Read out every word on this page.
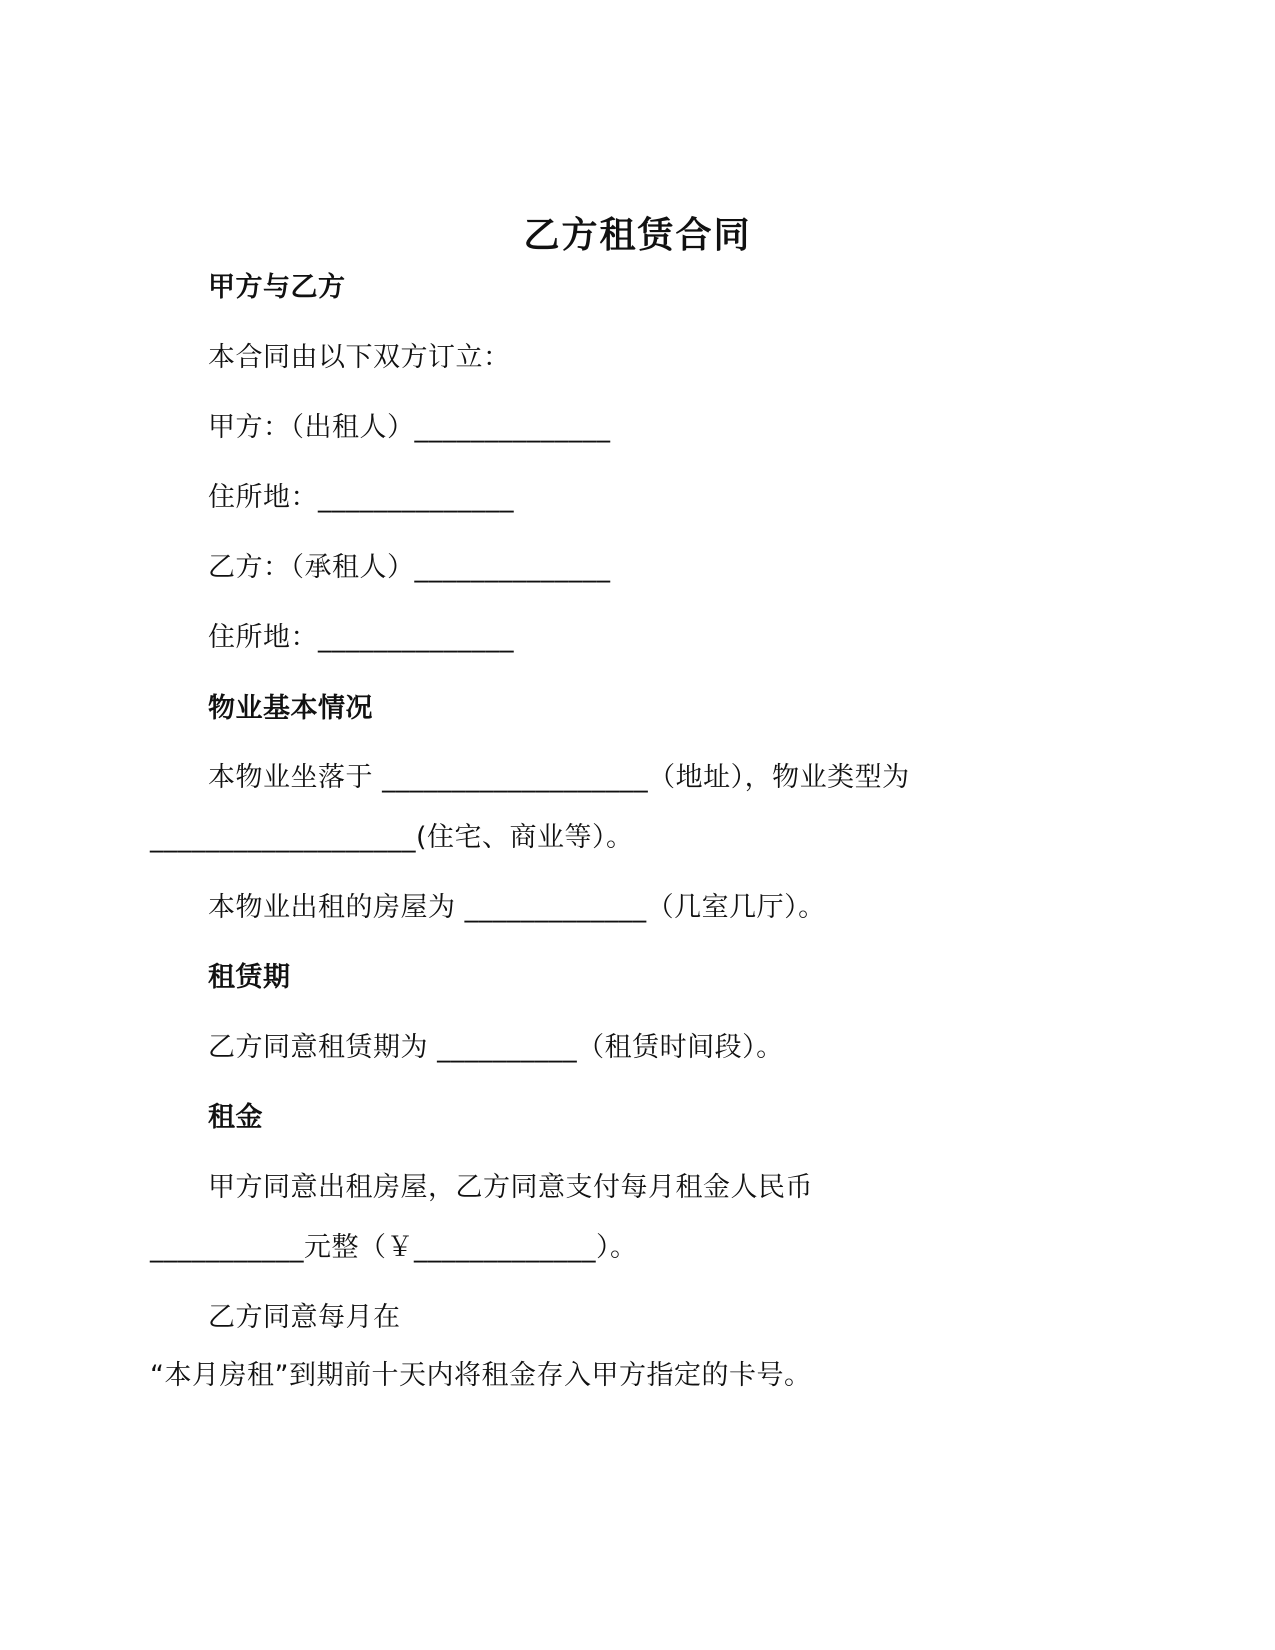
乙方租赁合同
甲方与乙方
本合同由以下双方订立：
甲方：（出租人）______________
住所地：______________
乙方：（承租人）______________
住所地：______________
物业基本情况
本物业坐落于 ___________________（地址），物业类型为
___________________(住宅、商业等）。
本物业出租的房屋为 _____________（几室几厅）。
租赁期
乙方同意租赁期为 __________（租赁时间段）。
租金
甲方同意出租房屋，乙方同意支付每月租金人民币
___________元整（￥_____________）。
乙方同意每月在
“本月房租”到期前十天内将租金存入甲方指定的卡号。
